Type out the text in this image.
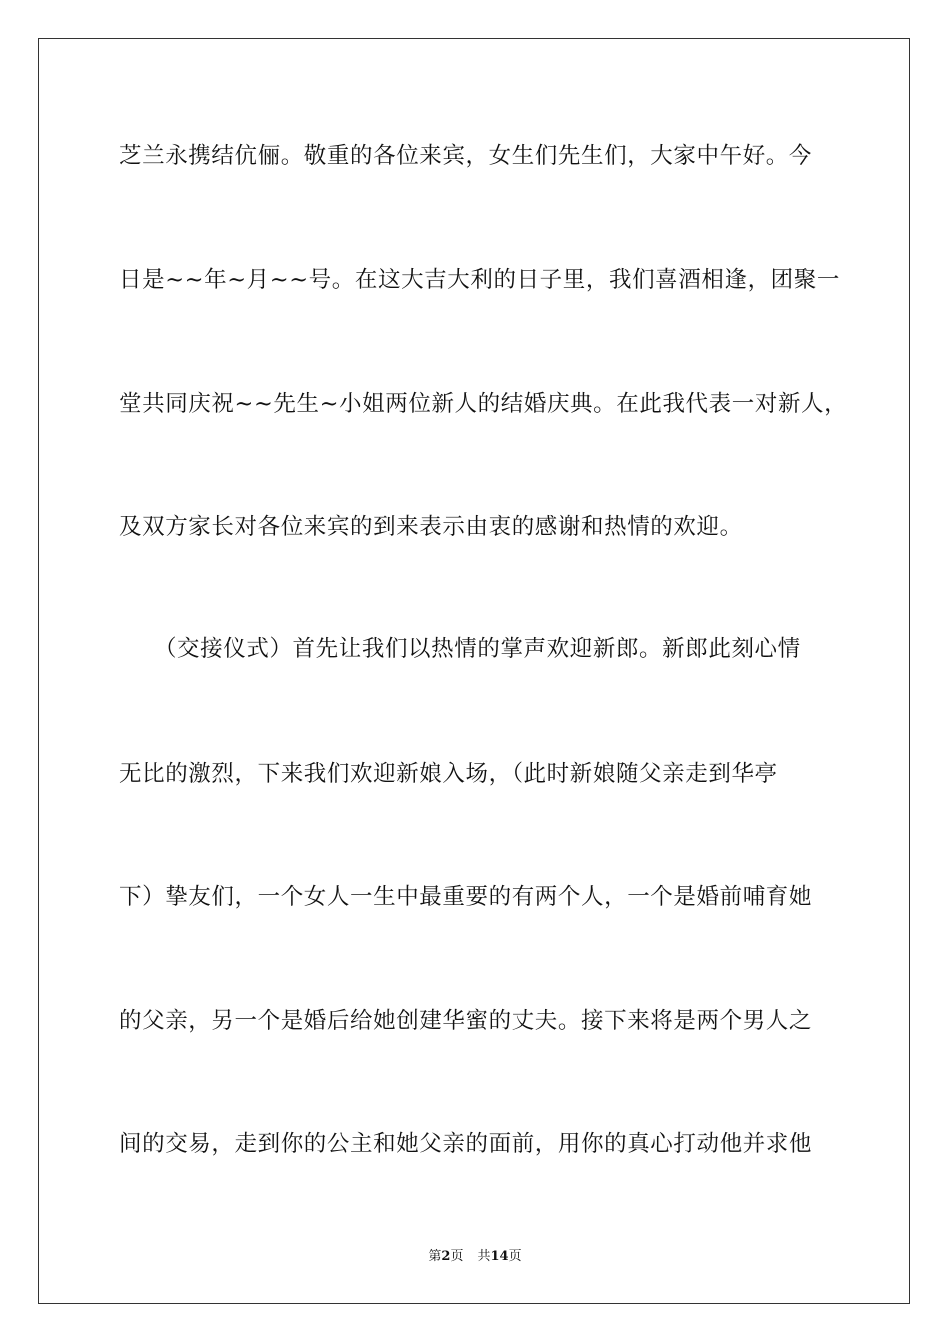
芝兰永携结伉俪。敬重的各位来宾，女生们先生们，大家中午好。今
日是~~年~月~~号。在这大吉大利的日子里，我们喜酒相逢，团聚一
堂共同庆祝~~先生~小姐两位新人的结婚庆典。在此我代表一对新人，
及双方家长对各位来宾的到来表示由衷的感谢和热情的欢迎。
　　（交接仪式）首先让我们以热情的掌声欢迎新郎。新郎此刻心情
无比的激烈，下来我们欢迎新娘入场，（此时新娘随父亲走到华亭
下）挚友们，一个女人一生中最重要的有两个人，一个是婚前哺育她
的父亲，另一个是婚后给她创建华蜜的丈夫。接下来将是两个男人之
间的交易，走到你的公主和她父亲的面前，用你的真心打动他并求他
第2页 共14页
